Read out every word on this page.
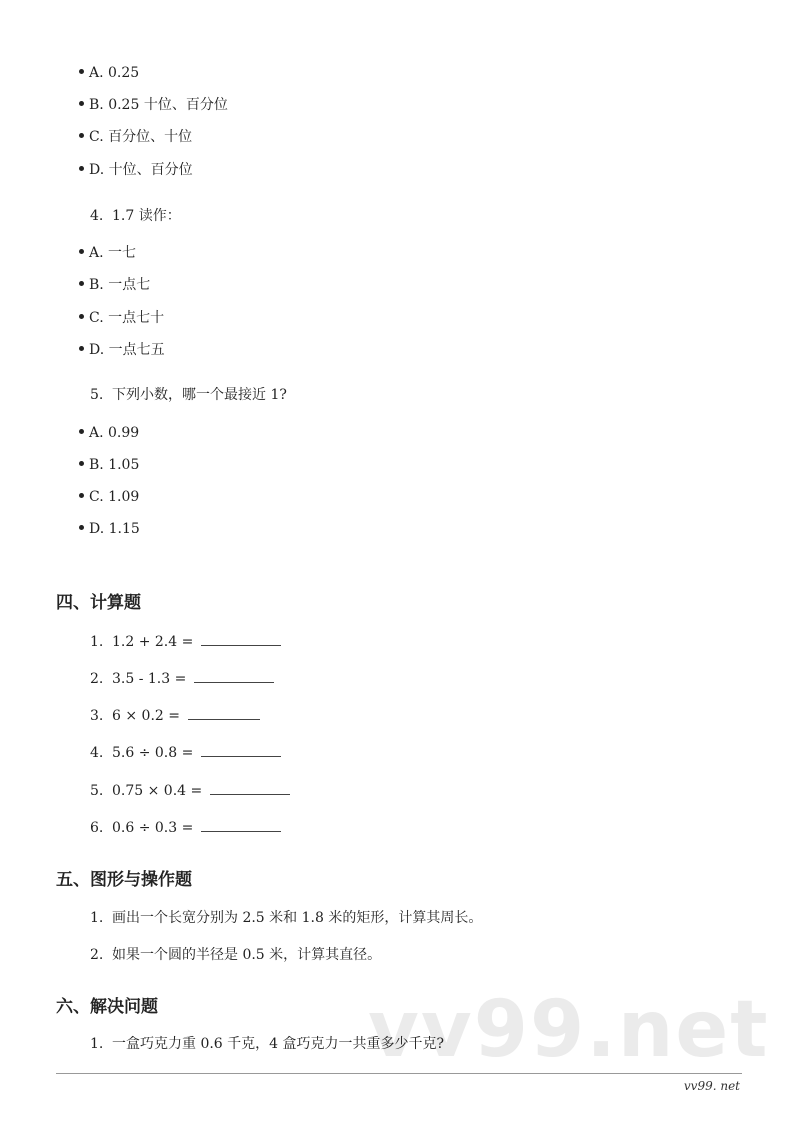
A. 0.25
B. 0.25 十位、百分位
C. 百分位、十位
D. 十位、百分位
4. 1.7 读作：
A. 一七
B. 一点七
C. 一点七十
D. 一点七五
5. 下列小数，哪一个最接近 1?
A. 0.99
B. 1.05
C. 1.09
D. 1.15
四、计算题
1. 1.2 + 2.4 =
2. 3.5 - 1.3 =
3. 6 × 0.2 =
4. 5.6 ÷ 0.8 =
5. 0.75 × 0.4 =
6. 0.6 ÷ 0.3 =
五、图形与操作题
1. 画出一个长宽分别为 2.5 米和 1.8 米的矩形，计算其周长。
2. 如果一个圆的半径是 0.5 米，计算其直径。
vv99.net
六、解决问题
1. 一盒巧克力重 0.6 千克，4 盒巧克力一共重多少千克?
vv99. net
